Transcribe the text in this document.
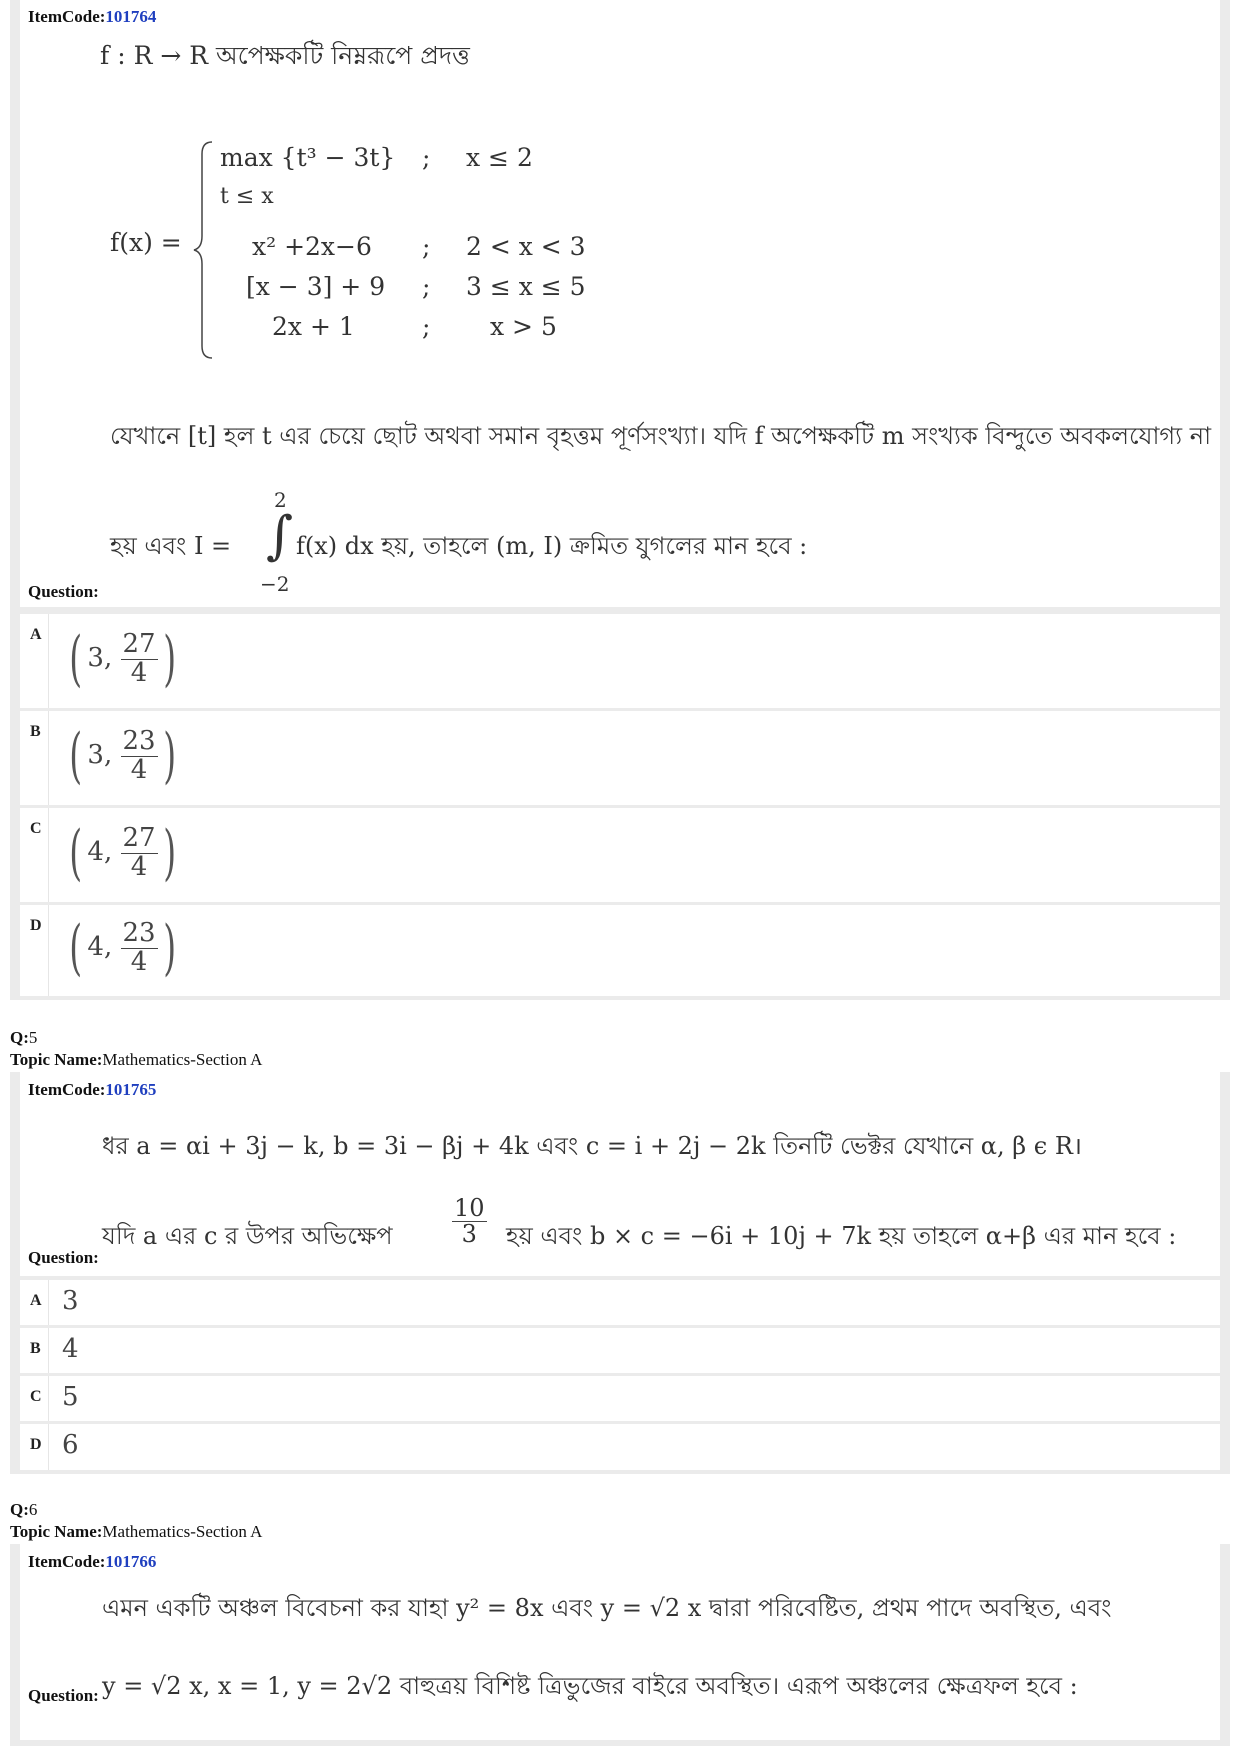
ItemCode:101764
f : R → R অপেক্ষকটি নিম্নরূপে প্রদত্ত
f(x) =
max {t³ − 3t}
t ≤ x
; x ≤ 2
x² +2x−6 ; 2 < x < 3
[x − 3] + 9 ; 3 ≤ x ≤ 5
2x + 1	; x > 5
যেখানে [t] হল t এর চেয়ে ছোট অথবা সমান বৃহত্তম পূর্ণসংখ্যা। যদি f অপেক্ষকটি m সংখ্যক বিন্দুতে অবকলযোগ্য না
হয় এবং I =
2
∫
−2
f(x) dx হয়, তাহলে (m, I) ক্রমিত যুগলের মান হবে :
Question:
A ( 3, $\frac{27}{4}$ )
B ( 3, $\frac{23}{4}$ )
C ( 4, $\frac{27}{4}$ )
D ( 4, $\frac{23}{4}$ )
Q:5
Topic Name:Mathematics-Section A
ItemCode:101765
ধর a = αi + 3j − k, b = 3i − βj + 4k এবং c = i + 2j − 2k তিনটি ভেক্টর যেখানে α, β ϵ R।
যদি a এর c র উপর অভিক্ষেপ $\frac{10}{3}$ হয় এবং b × c = −6i + 10j + 7k হয় তাহলে α+β এর মান হবে :
Question:
A 3
B 4
C 5
D 6
Q:6
Topic Name:Mathematics-Section A
ItemCode:101766
এমন একটি অঞ্চল বিবেচনা কর যাহা y² = 8x এবং y = √2 x দ্বারা পরিবেষ্টিত, প্রথম পাদে অবস্থিত, এবং
y = √2 x, x = 1, y = 2√2 বাহুত্রয় বিশিষ্ট ত্রিভুজের বাইরে অবস্থিত। এরূপ অঞ্চলের ক্ষেত্রফল হবে :
Question:
